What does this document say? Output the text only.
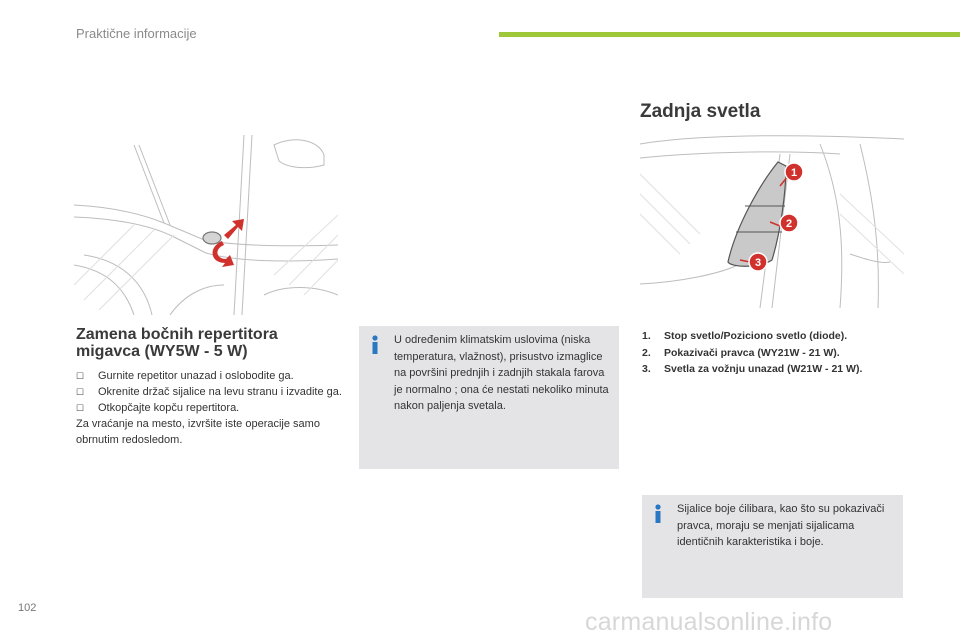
Praktične informacije
Zamena bočnih repertitora migavca (WY5W - 5 W)
☐	Gurnite repetitor unazad i oslobodite ga.
☐	Okrenite držač sijalice na levu stranu i izvadite ga.
☐	Otkopčajte kopču repertitora.
Za vraćanje na mesto, izvršite iste operacije samo obrnutim redosledom.
U određenim klimatskim uslovima (niska temperatura, vlažnost), prisustvo izmaglice na površini prednjih i zadnjih stakala farova je normalno ; ona će nestati nekoliko minuta nakon paljenja svetala.
Zadnja svetla
1
2
3
1.	Stop svetlo/Poziciono svetlo (diode).
2.	Pokazivači pravca (WY21W - 21 W).
3.	Svetla za vožnju unazad (W21W - 21 W).
Sijalice boje ćilibara, kao što su pokazivači pravca, moraju se menjati sijalicama identičnih karakteristika i boje.
102	carmanualsonline.info
